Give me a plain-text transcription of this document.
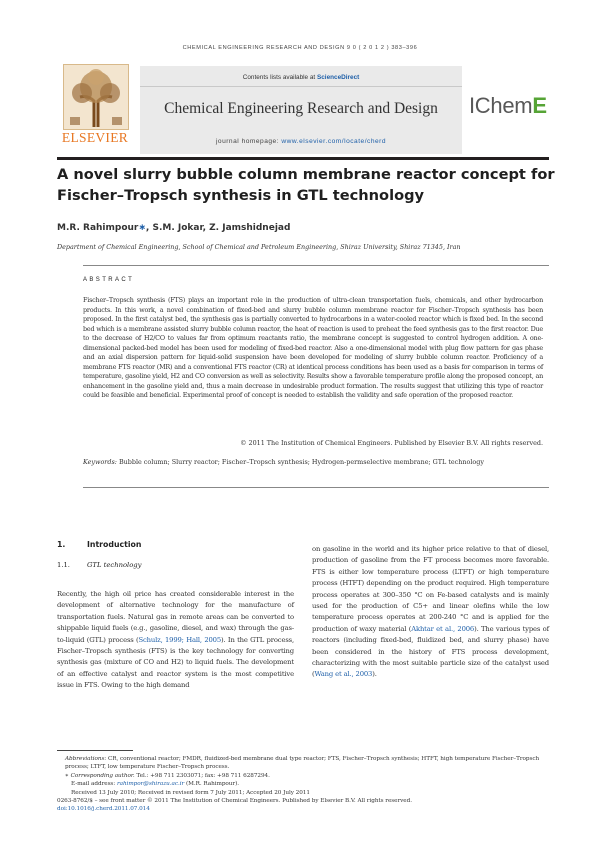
CHEMICAL ENGINEERING RESEARCH AND DESIGN 9 0 ( 2 0 1 2 ) 383–396
ELSEVIER
Contents lists available at ScienceDirect
Chemical Engineering Research and Design
journal homepage: www.elsevier.com/locate/cherd
IChemE
A novel slurry bubble column membrane reactor concept for
Fischer–Tropsch synthesis in GTL technology
M.R. Rahimpour∗, S.M. Jokar, Z. Jamshidnejad
Department of Chemical Engineering, School of Chemical and Petroleum Engineering, Shiraz University, Shiraz 71345, Iran
ABSTRACT
Fischer–Tropsch synthesis (FTS) plays an important role in the production of ultra-clean transportation fuels, chemicals, and other hydrocarbon products. In this work, a novel combination of fixed-bed and slurry bubble column membrane reactor for Fischer–Tropsch synthesis has been proposed. In the first catalyst bed, the synthesis gas is partially converted to hydrocarbons in a water-cooled reactor which is fixed bed. In the second bed which is a membrane assisted slurry bubble column reactor, the heat of reaction is used to preheat the feed synthesis gas to the first reactor. Due to the decrease of H2/CO to values far from optimum reactants ratio, the membrane concept is suggested to control hydrogen addition. A one-dimensional packed-bed model has been used for modeling of fixed-bed reactor. Also a one-dimensional model with plug flow pattern for gas phase and an axial dispersion pattern for liquid-solid suspension have been developed for modeling of slurry bubble column reactor. Proficiency of a membrane FTS reactor (MR) and a conventional FTS reactor (CR) at identical process conditions has been used as a basis for comparison in terms of temperature, gasoline yield, H2 and CO conversion as well as selectivity. Results show a favorable temperature profile along the proposed concept, an enhancement in the gasoline yield and, thus a main decrease in undesirable product formation. The results suggest that utilizing this type of reactor could be feasible and beneficial. Experimental proof of concept is needed to establish the validity and safe operation of the proposed reactor.
© 2011 The Institution of Chemical Engineers. Published by Elsevier B.V. All rights reserved.
Keywords: Bubble column; Slurry reactor; Fischer–Tropsch synthesis; Hydrogen-permselective membrane; GTL technology
1.	Introduction
1.1.	GTL technology
Recently, the high oil price has created considerable interest in the development of alternative technology for the manufacture of transportation fuels. Natural gas in remote areas can be converted to shippable liquid fuels (e.g., gasoline, diesel, and wax) through the gas-to-liquid (GTL) process (Schulz, 1999; Hall, 2005). In the GTL process, Fischer–Tropsch synthesis (FTS) is the key technology for converting synthesis gas (mixture of CO and H2) to liquid fuels. The development of an effective catalyst and reactor system is the most competitive issue in FTS. Owing to the high demand
on gasoline in the world and its higher price relative to that of diesel, production of gasoline from the FT process becomes more favorable. FTS is either low temperature process (LTFT) or high temperature process (HTFT) depending on the product required. High temperature process operates at 300–350 °C on Fe-based catalysts and is mainly used for the production of C5+ and linear olefins while the low temperature process operates at 200-240 °C and is applied for the production of waxy material (Akhtar et al., 2006). The various types of reactors (including fixed-bed, fluidized bed, and slurry phase) have been considered in the history of FTS process development, characterizing with the most suitable particle size of the catalyst used (Wang et al., 2003).
Abbreviations: CR, conventional reactor; FMDR, fluidized-bed membrane dual type reactor; FTS, Fischer–Tropsch synthesis; HTFT, high temperature Fischer–Tropsch process; LTFT, low temperature Fischer–Tropsch process.
∗ Corresponding author. Tel.: +98 711 2303071; fax: +98 711 6287294.
E-mail address: rahimpor@shirazu.ac.ir (M.R. Rahimpour).
Received 13 July 2010; Received in revised form 7 July 2011; Accepted 20 July 2011
0263-8762/$ – see front matter © 2011 The Institution of Chemical Engineers. Published by Elsevier B.V. All rights reserved.
doi:10.1016/j.cherd.2011.07.014
